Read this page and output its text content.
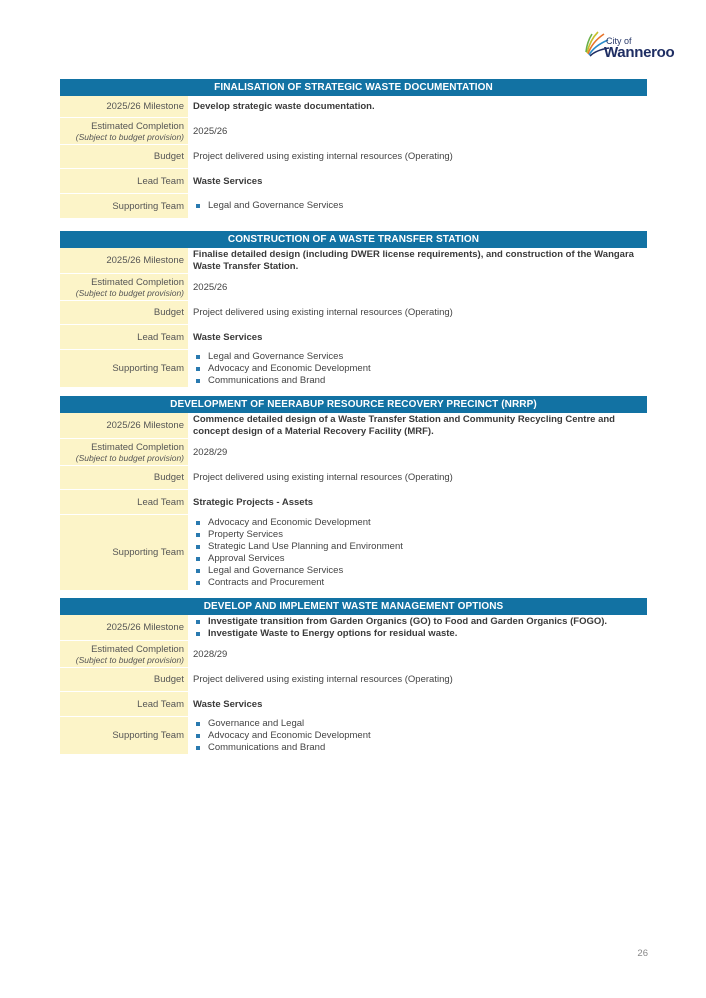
City of
Wanneroo
FINALISATION OF STRATEGIC WASTE DOCUMENTATION
2025/26 Milestone Develop strategic waste documentation.
Estimated Completion
(Subject to budget provision) 2025/26
Budget Project delivered using existing internal resources (Operating)
Lead Team Waste Services
Supporting Team	Legal and Governance Services
CONSTRUCTION OF A WASTE TRANSFER STATION
2025/26 Milestone
Finalise detailed design (including DWER license requirements), and construction of the Wangara Waste Transfer Station.
Estimated Completion
(Subject to budget provision) 2025/26
Budget Project delivered using existing internal resources (Operating)
Lead Team Waste Services
Supporting Team
Legal and Governance Services
Advocacy and Economic Development
Communications and Brand
DEVELOPMENT OF NEERABUP RESOURCE RECOVERY PRECINCT (NRRP)
2025/26 Milestone
Commence detailed design of a Waste Transfer Station and Community Recycling Centre and concept design of a Material Recovery Facility (MRF).
Estimated Completion
(Subject to budget provision) 2028/29
Budget Project delivered using existing internal resources (Operating)
Lead Team Strategic Projects - Assets
Supporting Team
Advocacy and Economic Development
Property Services
Strategic Land Use Planning and Environment
Approval Services
Legal and Governance Services
Contracts and Procurement
DEVELOP AND IMPLEMENT WASTE MANAGEMENT OPTIONS
2025/26 Milestone
Investigate transition from Garden Organics (GO) to Food and Garden Organics (FOGO).
Investigate Waste to Energy options for residual waste.
Estimated Completion
(Subject to budget provision) 2028/29
Budget Project delivered using existing internal resources (Operating)
Lead Team Waste Services
Supporting Team
Governance and Legal
Advocacy and Economic Development
Communications and Brand
26
